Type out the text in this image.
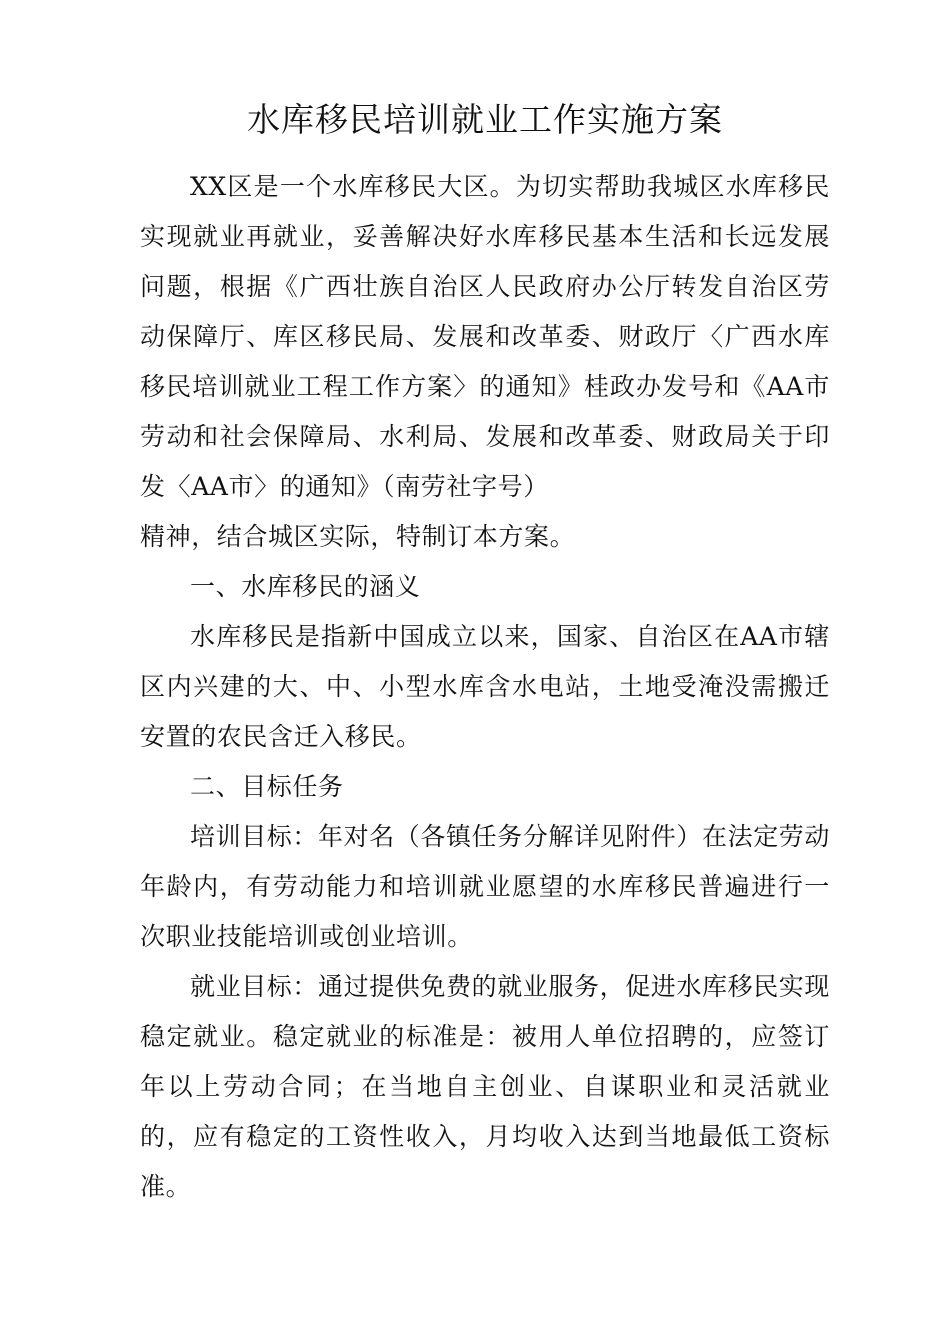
水库移民培训就业工作实施方案

XX区是一个水库移民大区。为切实帮助我城区水库移民实现就业再就业，妥善解决好水库移民基本生活和长远发展问题，根据《广西壮族自治区人民政府办公厅转发自治区劳动保障厅、库区移民局、发展和改革委、财政厅〈广西水库移民培训就业工程工作方案〉的通知》桂政办发号和《AA市劳动和社会保障局、水利局、发展和改革委、财政局关于印发〈AA市〉的通知》（南劳社字号）

精神，结合城区实际，特制订本方案。

一、水库移民的涵义

水库移民是指新中国成立以来，国家、自治区在AA市辖区内兴建的大、中、小型水库含水电站，土地受淹没需搬迁安置的农民含迁入移民。

二、目标任务

培训目标：年对名（各镇任务分解详见附件）在法定劳动年龄内，有劳动能力和培训就业愿望的水库移民普遍进行一次职业技能培训或创业培训。

就业目标：通过提供免费的就业服务，促进水库移民实现稳定就业。稳定就业的标准是：被用人单位招聘的，应签订年以上劳动合同；在当地自主创业、自谋职业和灵活就业的，应有稳定的工资性收入，月均收入达到当地最低工资标准。
